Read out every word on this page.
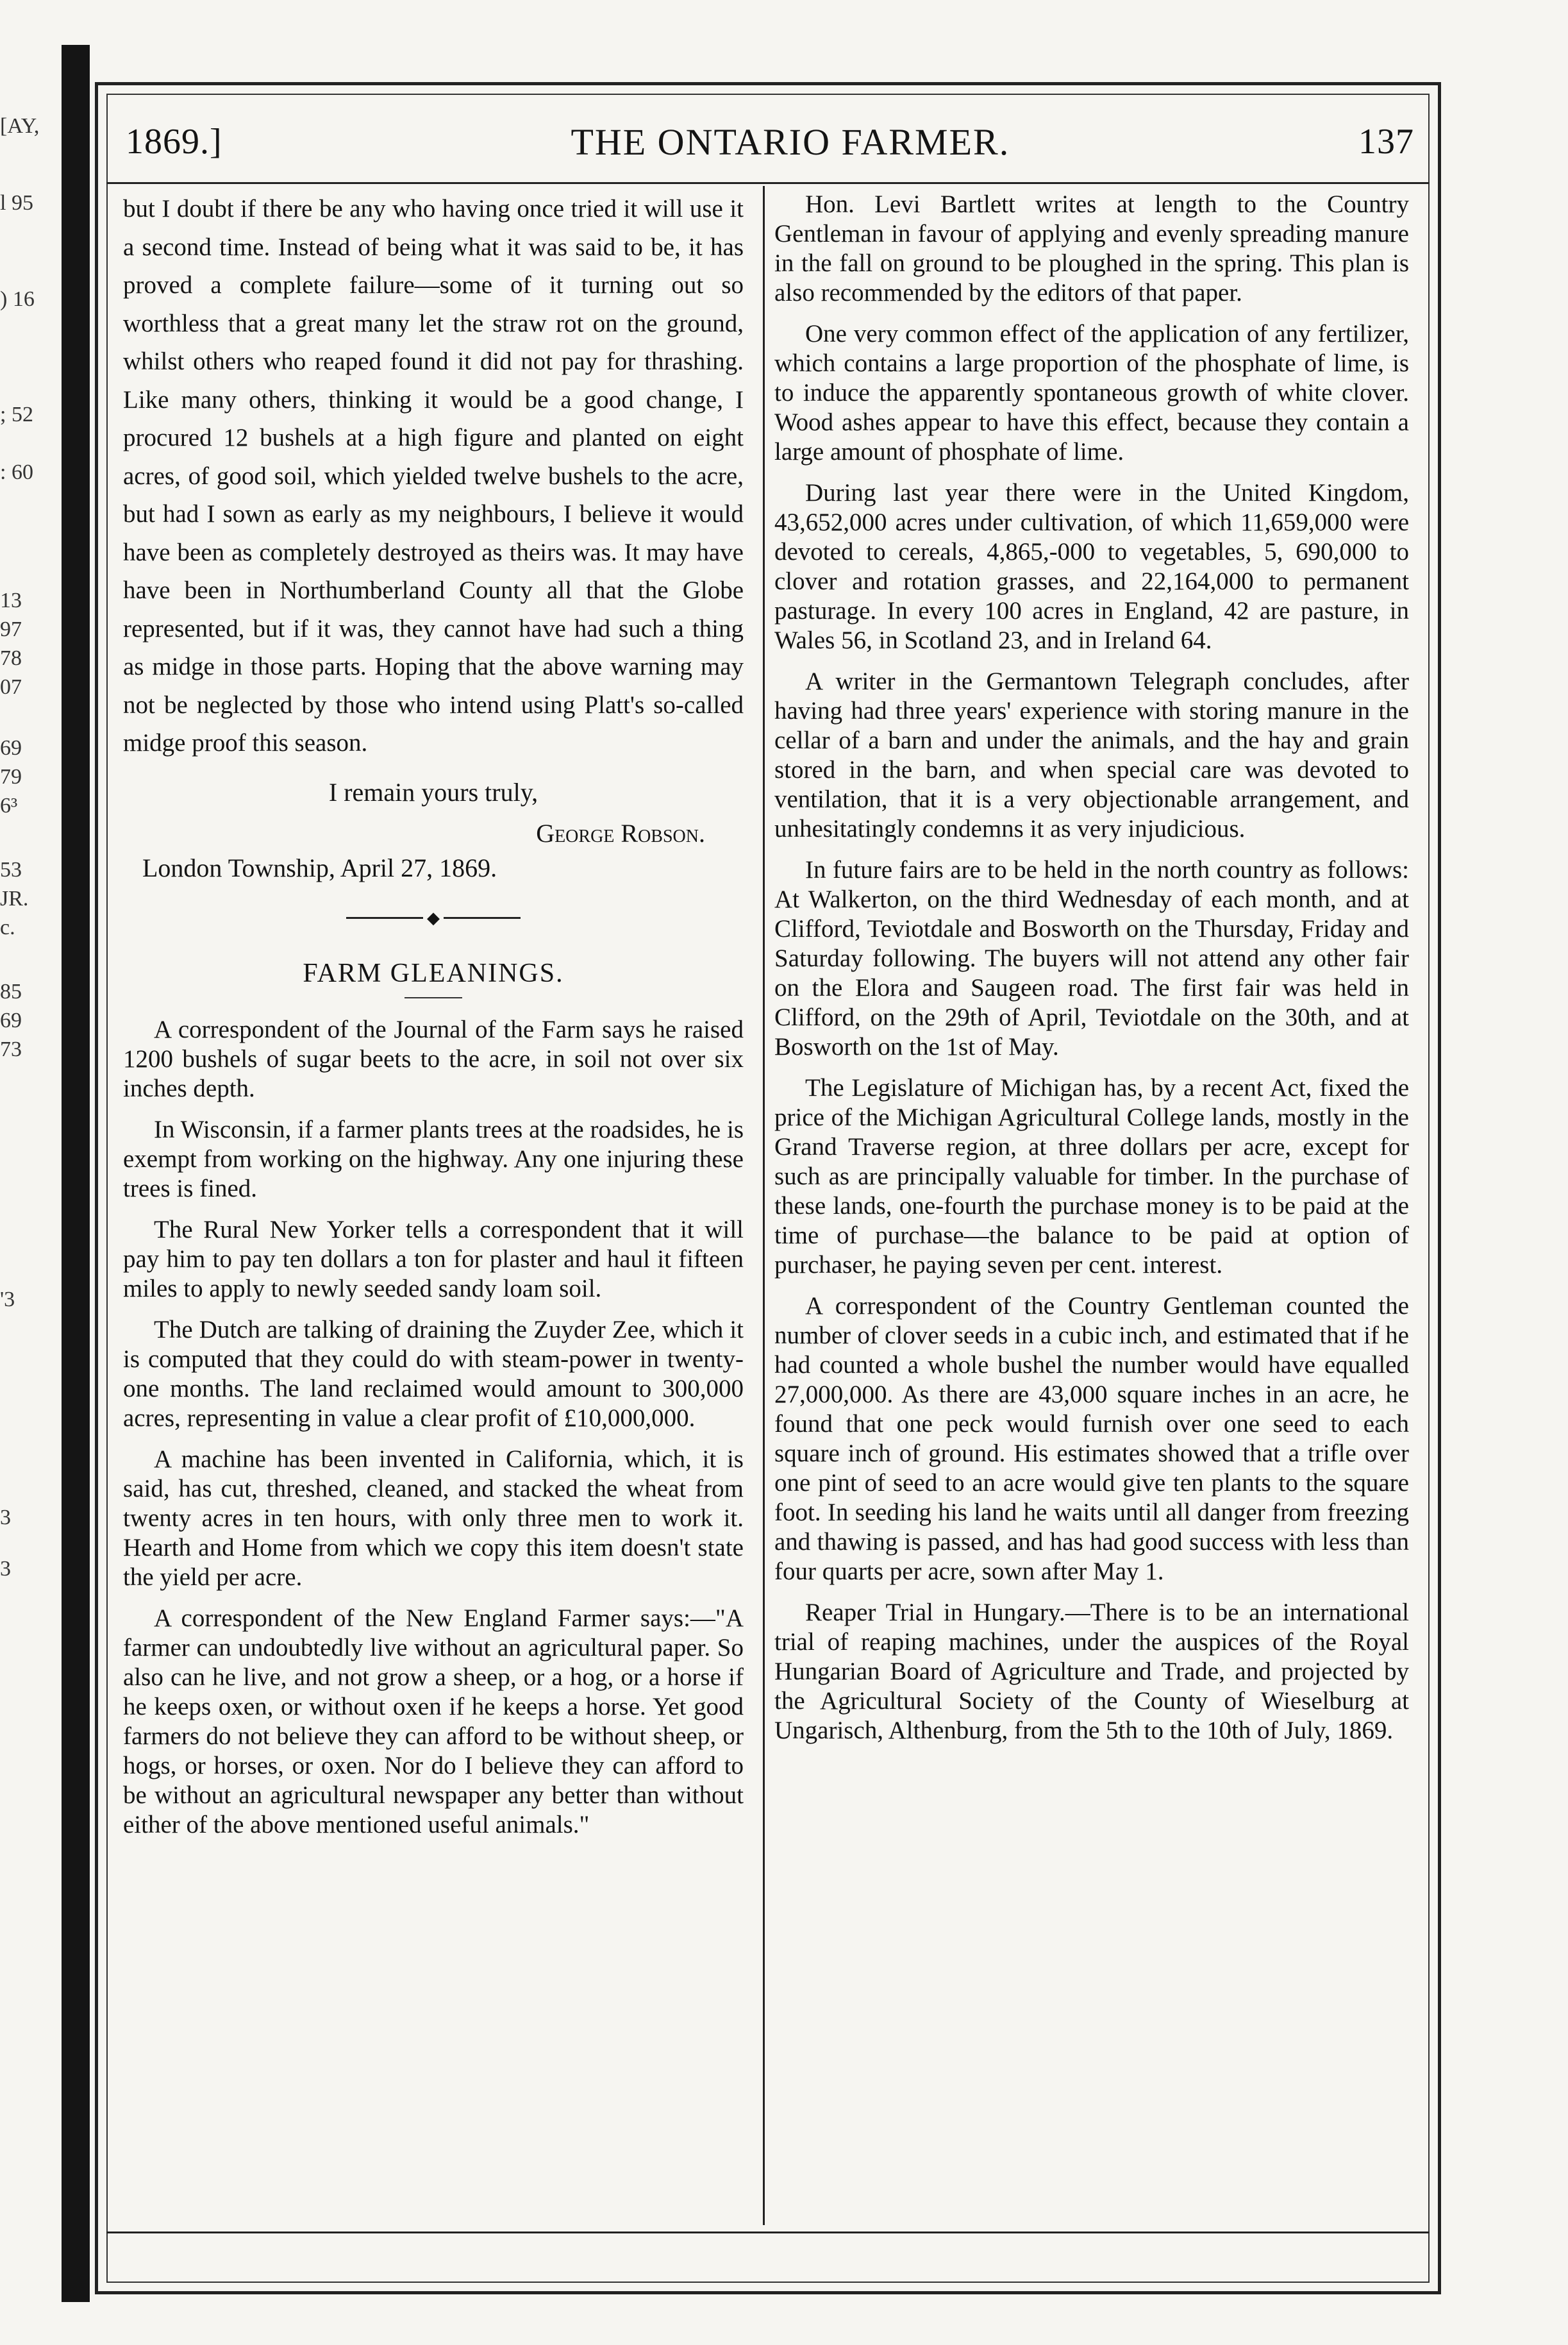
[AY,
l 95
) 16
; 52
: 60
13
97
78
07
69
79
6³
53
JR.
c.
85
69
73
'3
3
3
1869.]	THE ONTARIO FARMER.	137

but I doubt if there be any who having once tried it will use it a second time. Instead of being what it was said to be, it has proved a complete failure—some of it turning out so worthless that a great many let the straw rot on the ground, whilst others who reaped found it did not pay for thrashing. Like many others, thinking it would be a good change, I procured 12 bushels at a high figure and planted on eight acres, of good soil, which yielded twelve bushels to the acre, but had I sown as early as my neighbours, I believe it would have been as completely destroyed as theirs was. It may have have been in Northumberland County all that the Globe represented, but if it was, they cannot have had such a thing as midge in those parts. Hoping that the above warning may not be neglected by those who intend using Platt's so-called midge proof this season.

I remain yours truly,
George Robson.
London Township, April 27, 1869.
◆
FARM GLEANINGS.

A correspondent of the Journal of the Farm says he raised 1200 bushels of sugar beets to the acre, in soil not over six inches depth.

In Wisconsin, if a farmer plants trees at the roadsides, he is exempt from working on the highway. Any one injuring these trees is fined.

The Rural New Yorker tells a correspondent that it will pay him to pay ten dollars a ton for plaster and haul it fifteen miles to apply to newly seeded sandy loam soil.

The Dutch are talking of draining the Zuyder Zee, which it is computed that they could do with steam-power in twenty-one months. The land reclaimed would amount to 300,000 acres, representing in value a clear profit of £10,000,000.

A machine has been invented in California, which, it is said, has cut, threshed, cleaned, and stacked the wheat from twenty acres in ten hours, with only three men to work it. Hearth and Home from which we copy this item doesn't state the yield per acre.

A correspondent of the New England Farmer says:—"A farmer can undoubtedly live without an agricultural paper. So also can he live, and not grow a sheep, or a hog, or a horse if he keeps oxen, or without oxen if he keeps a horse. Yet good farmers do not believe they can afford to be without sheep, or hogs, or horses, or oxen. Nor do I believe they can afford to be without an agricultural newspaper any better than without either of the above mentioned useful animals."

Hon. Levi Bartlett writes at length to the Country Gentleman in favour of applying and evenly spreading manure in the fall on ground to be ploughed in the spring. This plan is also recommended by the editors of that paper.

One very common effect of the application of any fertilizer, which contains a large proportion of the phosphate of lime, is to induce the apparently spontaneous growth of white clover. Wood ashes appear to have this effect, because they contain a large amount of phosphate of lime.

During last year there were in the United Kingdom, 43,652,000 acres under cultivation, of which 11,659,000 were devoted to cereals, 4,865,-000 to vegetables, 5, 690,000 to clover and rotation grasses, and 22,164,000 to permanent pasturage. In every 100 acres in England, 42 are pasture, in Wales 56, in Scotland 23, and in Ireland 64.

A writer in the Germantown Telegraph concludes, after having had three years' experience with storing manure in the cellar of a barn and under the animals, and the hay and grain stored in the barn, and when special care was devoted to ventilation, that it is a very objectionable arrangement, and unhesitatingly condemns it as very injudicious.

In future fairs are to be held in the north country as follows: At Walkerton, on the third Wednesday of each month, and at Clifford, Teviotdale and Bosworth on the Thursday, Friday and Saturday following. The buyers will not attend any other fair on the Elora and Saugeen road. The first fair was held in Clifford, on the 29th of April, Teviotdale on the 30th, and at Bosworth on the 1st of May.

The Legislature of Michigan has, by a recent Act, fixed the price of the Michigan Agricultural College lands, mostly in the Grand Traverse region, at three dollars per acre, except for such as are principally valuable for timber. In the purchase of these lands, one-fourth the purchase money is to be paid at the time of purchase—the balance to be paid at option of purchaser, he paying seven per cent. interest.

A correspondent of the Country Gentleman counted the number of clover seeds in a cubic inch, and estimated that if he had counted a whole bushel the number would have equalled 27,000,000. As there are 43,000 square inches in an acre, he found that one peck would furnish over one seed to each square inch of ground. His estimates showed that a trifle over one pint of seed to an acre would give ten plants to the square foot. In seeding his land he waits until all danger from freezing and thawing is passed, and has had good success with less than four quarts per acre, sown after May 1.

Reaper Trial in Hungary.—There is to be an international trial of reaping machines, under the auspices of the Royal Hungarian Board of Agriculture and Trade, and projected by the Agricultural Society of the County of Wieselburg at Ungarisch, Althenburg, from the 5th to the 10th of July, 1869.
